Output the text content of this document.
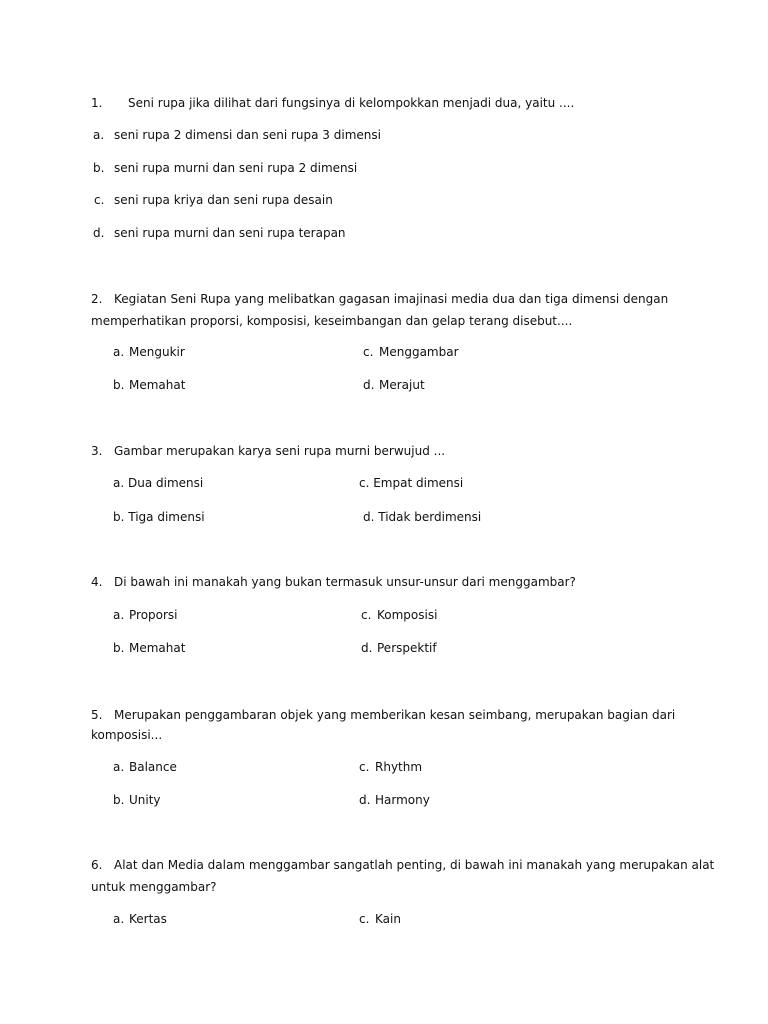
1. Seni rupa jika dilihat dari fungsinya di kelompokkan menjadi dua, yaitu ....
a. seni rupa 2 dimensi dan seni rupa 3 dimensi
b. seni rupa murni dan seni rupa 2 dimensi
c. seni rupa kriya dan seni rupa desain
d. seni rupa murni dan seni rupa terapan
2. Kegiatan Seni Rupa yang melibatkan gagasan imajinasi media dua dan tiga dimensi dengan
memperhatikan proporsi, komposisi, keseimbangan dan gelap terang disebut....
a. Mengukir
b. Memahat
c. Menggambar
d. Merajut
3. Gambar merupakan karya seni rupa murni berwujud ...
a. Dua dimensi
b. Tiga dimensi
c. Empat dimensi
d. Tidak berdimensi
4. Di bawah ini manakah yang bukan termasuk unsur-unsur dari menggambar?
a. Proporsi
b. Memahat
c. Komposisi
d. Perspektif
5. Merupakan penggambaran objek yang memberikan kesan seimbang, merupakan bagian dari
komposisi...
a. Balance
b. Unity
c. Rhythm
d. Harmony
6. Alat dan Media dalam menggambar sangatlah penting, di bawah ini manakah yang merupakan alat
untuk menggambar?
a. Kertas	c. Kain
